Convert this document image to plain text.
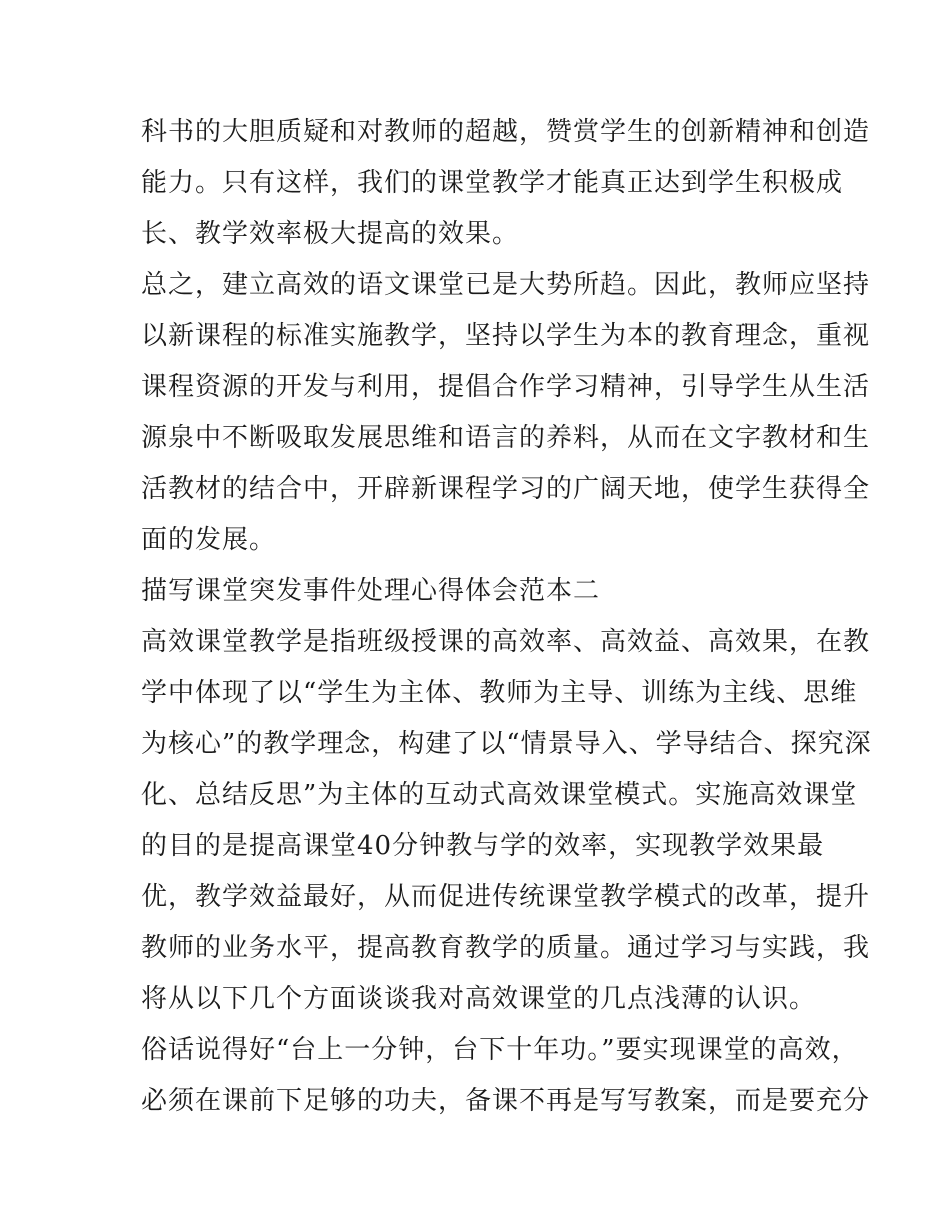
科书的大胆质疑和对教师的超越，赞赏学生的创新精神和创造
能力。只有这样，我们的课堂教学才能真正达到学生积极成
长、教学效率极大提高的效果。
总之，建立高效的语文课堂已是大势所趋。因此，教师应坚持
以新课程的标准实施教学，坚持以学生为本的教育理念，重视
课程资源的开发与利用，提倡合作学习精神，引导学生从生活
源泉中不断吸取发展思维和语言的养料，从而在文字教材和生
活教材的结合中，开辟新课程学习的广阔天地，使学生获得全
面的发展。
描写课堂突发事件处理心得体会范本二
高效课堂教学是指班级授课的高效率、高效益、高效果，在教
学中体现了以“学生为主体、教师为主导、训练为主线、思维
为核心”的教学理念，构建了以“情景导入、学导结合、探究深
化、总结反思”为主体的互动式高效课堂模式。实施高效课堂
的目的是提高课堂40分钟教与学的效率，实现教学效果最
优，教学效益最好，从而促进传统课堂教学模式的改革，提升
教师的业务水平，提高教育教学的质量。通过学习与实践，我
将从以下几个方面谈谈我对高效课堂的几点浅薄的认识。
俗话说得好“台上一分钟，台下十年功。”要实现课堂的高效，
必须在课前下足够的功夫，备课不再是写写教案，而是要充分
